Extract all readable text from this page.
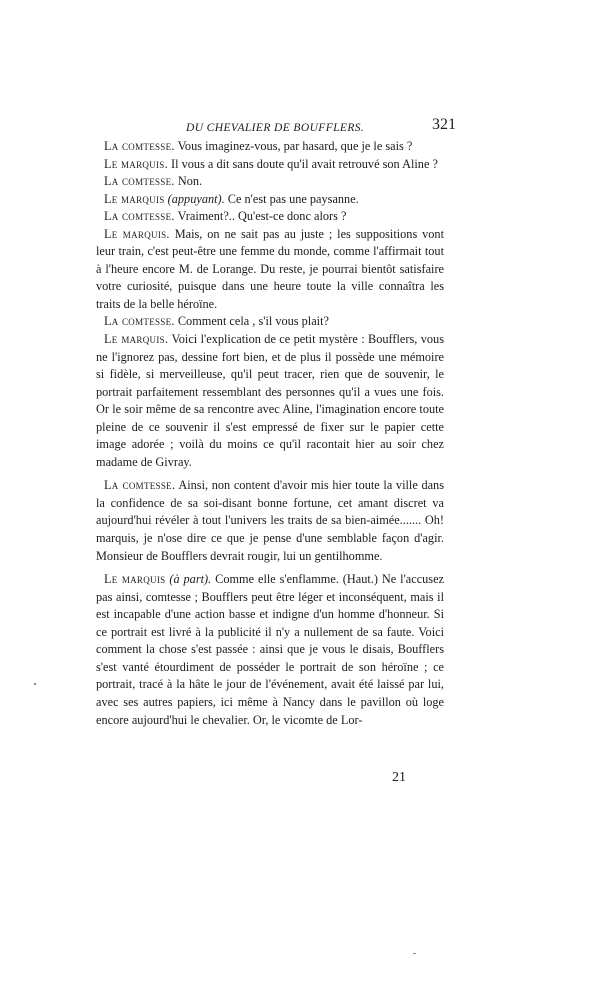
DU CHEVALIER DE BOUFFLERS.	321

La comtesse. Vous imaginez-vous, par hasard, que je le sais ?

Le marquis. Il vous a dit sans doute qu'il avait retrouvé son Aline ?

La comtesse. Non.

Le marquis (appuyant). Ce n'est pas une paysanne.

La comtesse. Vraiment?.. Qu'est-ce donc alors ?

Le marquis. Mais, on ne sait pas au juste ; les suppositions vont leur train, c'est peut-être une femme du monde, comme l'affirmait tout à l'heure encore M. de Lorange. Du reste, je pourrai bientôt satisfaire votre curiosité, puisque dans une heure toute la ville connaîtra les traits de la belle héroïne.

La comtesse. Comment cela , s'il vous plait?

Le marquis. Voici l'explication de ce petit mystère : Boufflers, vous ne l'ignorez pas, dessine fort bien, et de plus il possède une mémoire si fidèle, si merveilleuse, qu'il peut tracer, rien que de souvenir, le portrait parfaitement ressemblant des personnes qu'il a vues une fois. Or le soir même de sa rencontre avec Aline, l'imagination encore toute pleine de ce souvenir il s'est empressé de fixer sur le papier cette image adorée ; voilà du moins ce qu'il racontait hier au soir chez madame de Givray.

La comtesse. Ainsi, non content d'avoir mis hier toute la ville dans la confidence de sa soi-disant bonne fortune, cet amant discret va aujourd'hui révéler à tout l'univers les traits de sa bien-aimée....... Oh! marquis, je n'ose dire ce que je pense d'une semblable façon d'agir. Monsieur de Boufflers devrait rougir, lui un gentilhomme.

Le marquis (à part). Comme elle s'enflamme. (Haut.) Ne l'accusez pas ainsi, comtesse ; Boufflers peut être léger et inconséquent, mais il est incapable d'une action basse et indigne d'un homme d'honneur. Si ce portrait est livré à la publicité il n'y a nullement de sa faute. Voici comment la chose s'est passée : ainsi que je vous le disais, Boufflers s'est vanté étourdiment de posséder le portrait de son héroïne ; ce portrait, tracé à la hâte le jour de l'événement, avait été laissé par lui, avec ses autres papiers, ici même à Nancy dans le pavillon où loge encore aujourd'hui le chevalier. Or, le vicomte de Lor-

21
